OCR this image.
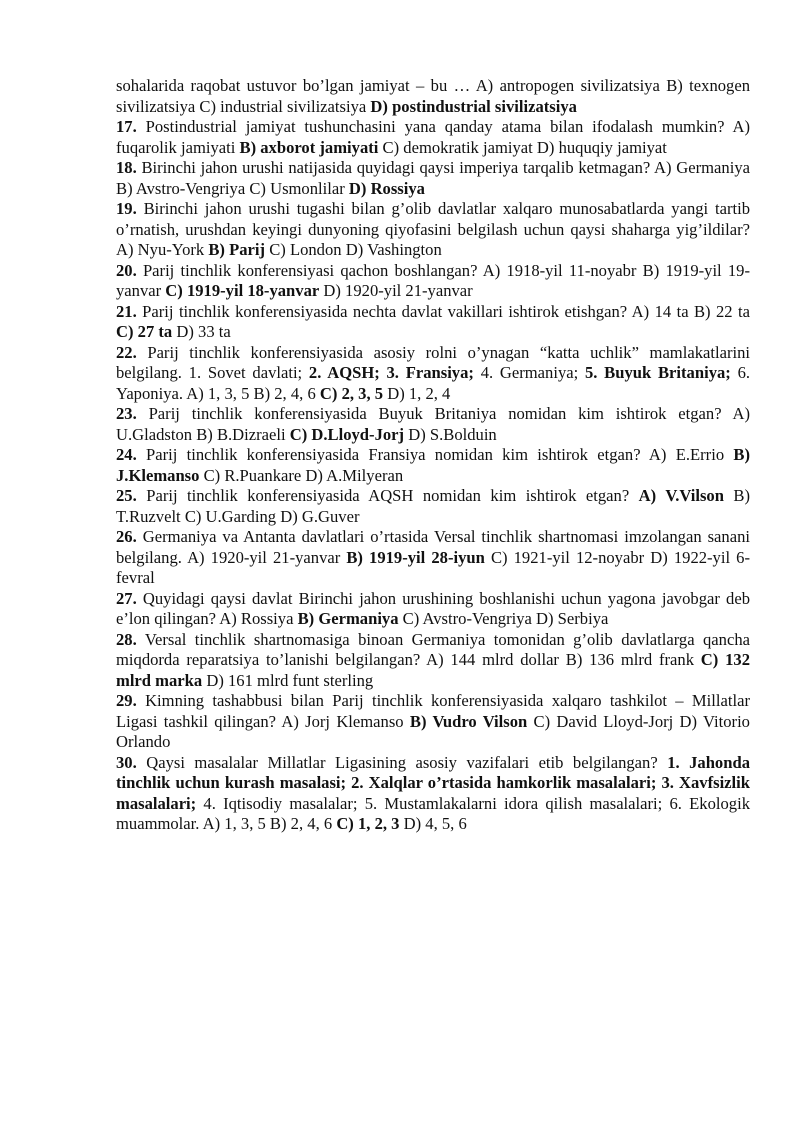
sohalarida raqobat ustuvor bo’lgan jamiyat – bu … A) antropogen sivilizatsiya B) texnogen sivilizatsiya C) industrial sivilizatsiya D) postindustrial sivilizatsiya

17. Postindustrial jamiyat tushunchasini yana qanday atama bilan ifodalash mumkin? A) fuqarolik jamiyati B) axborot jamiyati C) demokratik jamiyat D) huquqiy jamiyat

18. Birinchi jahon urushi natijasida quyidagi qaysi imperiya tarqalib ketmagan? A) Germaniya B) Avstro-Vengriya C) Usmonlilar D) Rossiya

19. Birinchi jahon urushi tugashi bilan g’olib davlatlar xalqaro munosabatlarda yangi tartib o’rnatish, urushdan keyingi dunyoning qiyofasini belgilash uchun qaysi shaharga yig’ildilar? A) Nyu-York B) Parij C) London D) Vashington

20. Parij tinchlik konferensiyasi qachon boshlangan? A) 1918-yil 11-noyabr B) 1919-yil 19-yanvar C) 1919-yil 18-yanvar D) 1920-yil 21-yanvar

21. Parij tinchlik konferensiyasida nechta davlat vakillari ishtirok etishgan? A) 14 ta B) 22 ta C) 27 ta D) 33 ta

22. Parij tinchlik konferensiyasida asosiy rolni o’ynagan “katta uchlik” mamlakatlarini belgilang. 1. Sovet davlati; 2. AQSH; 3. Fransiya; 4. Germaniya; 5. Buyuk Britaniya; 6. Yaponiya. A) 1, 3, 5 B) 2, 4, 6 C) 2, 3, 5 D) 1, 2, 4

23. Parij tinchlik konferensiyasida Buyuk Britaniya nomidan kim ishtirok etgan? A) U.Gladston B) B.Dizraeli C) D.Lloyd-Jorj D) S.Bolduin

24. Parij tinchlik konferensiyasida Fransiya nomidan kim ishtirok etgan? A) E.Errio B) J.Klemanso C) R.Puankare D) A.Milyeran

25. Parij tinchlik konferensiyasida AQSH nomidan kim ishtirok etgan? A) V.Vilson B) T.Ruzvelt C) U.Garding D) G.Guver

26. Germaniya va Antanta davlatlari o’rtasida Versal tinchlik shartnomasi imzolangan sanani belgilang. A) 1920-yil 21-yanvar B) 1919-yil 28-iyun C) 1921-yil 12-noyabr D) 1922-yil 6-fevral

27. Quyidagi qaysi davlat Birinchi jahon urushining boshlanishi uchun yagona javobgar deb e’lon qilingan? A) Rossiya B) Germaniya C) Avstro-Vengriya D) Serbiya

28. Versal tinchlik shartnomasiga binoan Germaniya tomonidan g’olib davlatlarga qancha miqdorda reparatsiya to’lanishi belgilangan? A) 144 mlrd dollar B) 136 mlrd frank C) 132 mlrd marka D) 161 mlrd funt sterling

29. Kimning tashabbusi bilan Parij tinchlik konferensiyasida xalqaro tashkilot – Millatlar Ligasi tashkil qilingan? A) Jorj Klemanso B) Vudro Vilson C) David Lloyd-Jorj D) Vitorio Orlando

30. Qaysi masalalar Millatlar Ligasining asosiy vazifalari etib belgilangan? 1. Jahonda tinchlik uchun kurash masalasi; 2. Xalqlar o’rtasida hamkorlik masalalari; 3. Xavfsizlik masalalari; 4. Iqtisodiy masalalar; 5. Mustamlakalarni idora qilish masalalari; 6. Ekologik muammolar. A) 1, 3, 5 B) 2, 4, 6 C) 1, 2, 3 D) 4, 5, 6
